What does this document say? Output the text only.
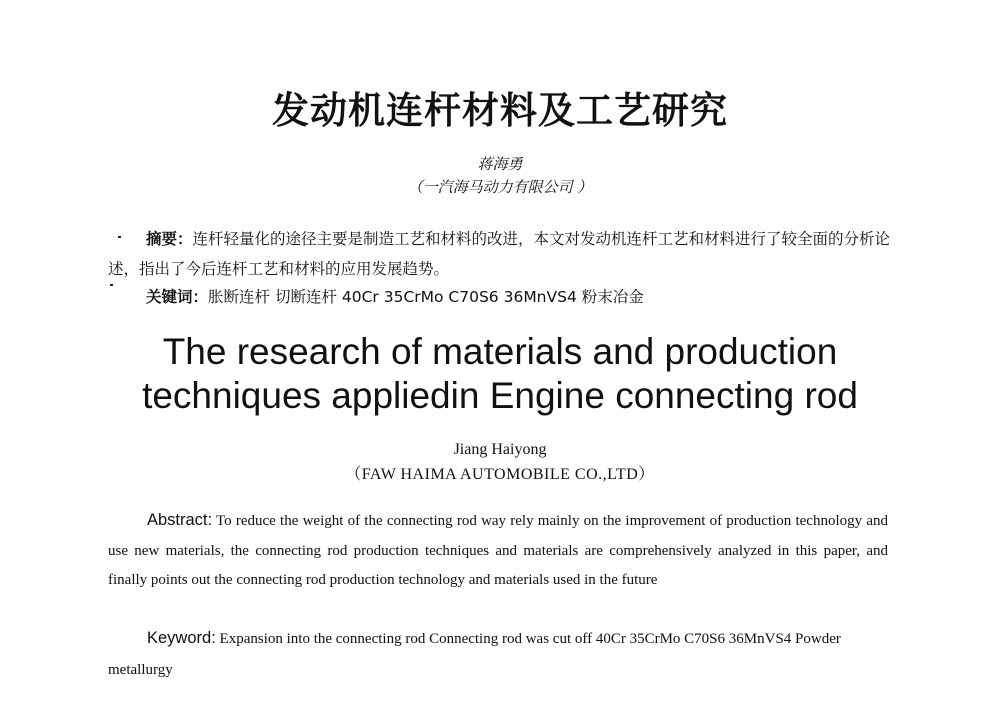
发动机连杆材料及工艺研究
蒋海勇
（一汽海马动力有限公司 ）

摘要：连杆轻量化的途径主要是制造工艺和材料的改进，本文对发动机连杆工艺和材料进行了较全面的分析论述，指出了今后连杆工艺和材料的应用发展趋势。

关键词：胀断连杆 切断连杆 40Cr 35CrMo C70S6 36MnVS4 粉末冶金

The research of materials and production
techniques appliedin Engine connecting rod
Jiang Haiyong
（FAW HAIMA AUTOMOBILE CO.,LTD）

Abstract: To reduce the weight of the connecting rod way rely mainly on the improvement of production technology and use new materials, the connecting rod production techniques and materials are comprehensively analyzed in this paper, and finally points out the connecting rod production technology and materials used in the future

Keyword: Expansion into the connecting rod Connecting rod was cut off 40Cr 35CrMo C70S6 36MnVS4 Powder metallurgy
